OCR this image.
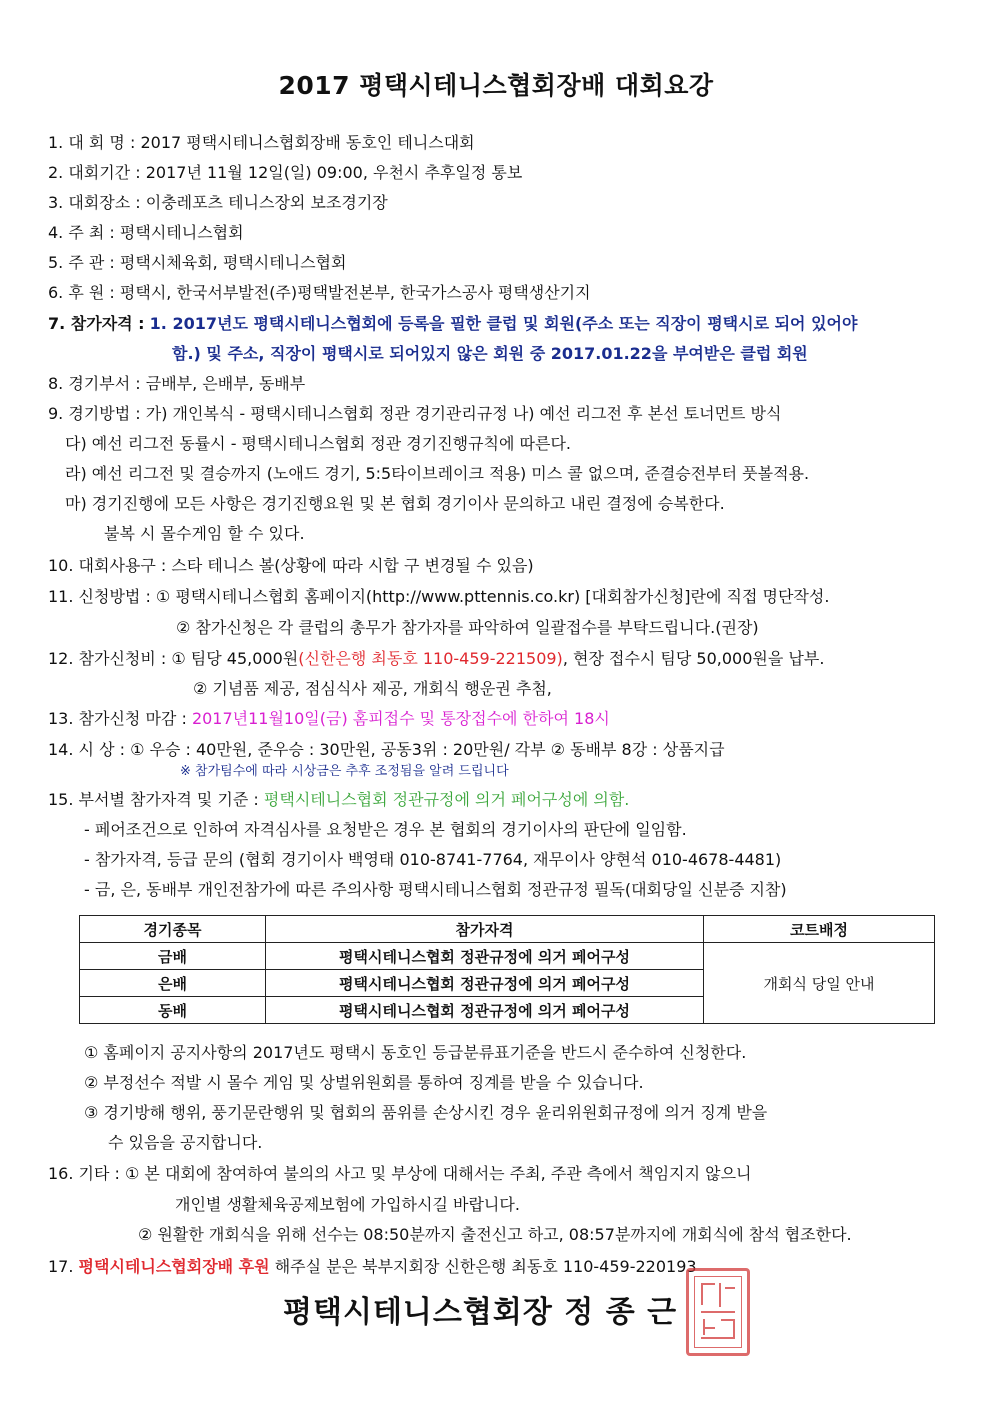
2017 평택시테니스협회장배 대회요강
1. 대 회 명 : 2017 평택시테니스협회장배 동호인 테니스대회
2. 대회기간 : 2017년 11월 12일(일) 09:00, 우천시 추후일정 통보
3. 대회장소 : 이충레포츠 테니스장외 보조경기장
4. 주 최 : 평택시테니스협회
5. 주 관 : 평택시체육회, 평택시테니스협회
6. 후 원 : 평택시, 한국서부발전(주)평택발전본부, 한국가스공사 평택생산기지
7. 참가자격 : 1. 2017년도 평택시테니스협회에 등록을 필한 클럽 및 회원(주소 또는 직장이 평택시로 되어 있어야
함.) 및 주소, 직장이 평택시로 되어있지 않은 회원 중 2017.01.22을 부여받은 클럽 회원
8. 경기부서 : 금배부, 은배부, 동배부
9. 경기방법 : 가) 개인복식 - 평택시테니스협회 정관 경기관리규정 나) 예선 리그전 후 본선 토너먼트 방식
다) 예선 리그전 동률시 - 평택시테니스협회 정관 경기진행규칙에 따른다.
라) 예선 리그전 및 결승까지 (노애드 경기, 5:5타이브레이크 적용) 미스 콜 없으며, 준결승전부터 풋볼적용.
마) 경기진행에 모든 사항은 경기진행요원 및 본 협회 경기이사 문의하고 내린 결정에 승복한다.
불복 시 몰수게임 할 수 있다.
10. 대회사용구 : 스타 테니스 볼(상황에 따라 시합 구 변경될 수 있음)
11. 신청방법 : ① 평택시테니스협회 홈페이지(http://www.pttennis.co.kr) [대회참가신청]란에 직접 명단작성.
② 참가신청은 각 클럽의 총무가 참가자를 파악하여 일괄접수를 부탁드립니다.(권장)
12. 참가신청비 : ① 팀당 45,000원(신한은행 최동호 110-459-221509), 현장 접수시 팀당 50,000원을 납부.
② 기념품 제공, 점심식사 제공, 개회식 행운권 추첨,
13. 참가신청 마감 : 2017년11월10일(금) 홈피접수 및 통장접수에 한하여 18시
14. 시 상 : ① 우승 : 40만원, 준우승 : 30만원, 공동3위 : 20만원/ 각부 ② 동배부 8강 : 상품지급
※ 참가팀수에 따라 시상금은 추후 조정됨을 알려 드립니다
15. 부서별 참가자격 및 기준 : 평택시테니스협회 정관규정에 의거 페어구성에 의함.
- 페어조건으로 인하여 자격심사를 요청받은 경우 본 협회의 경기이사의 판단에 일임함.
- 참가자격, 등급 문의 (협회 경기이사 백영태 010-8741-7764, 재무이사 양현석 010-4678-4481)
- 금, 은, 동배부 개인전참가에 따른 주의사항 평택시테니스협회 정관규정 필독(대회당일 신분증 지참)
경기종목	참가자격	코트배정
금배	평택시테니스협회 정관규정에 의거 페어구성	개회식 당일 안내
은배	평택시테니스협회 정관규정에 의거 페어구성	
동배	평택시테니스협회 정관규정에 의거 페어구성	
① 홈페이지 공지사항의 2017년도 평택시 동호인 등급분류표기준을 반드시 준수하여 신청한다.
② 부정선수 적발 시 몰수 게임 및 상벌위원회를 통하여 징계를 받을 수 있습니다.
③ 경기방해 행위, 풍기문란행위 및 협회의 품위를 손상시킨 경우 윤리위원회규정에 의거 징계 받을
수 있음을 공지합니다.
16. 기타 : ① 본 대회에 참여하여 불의의 사고 및 부상에 대해서는 주최, 주관 측에서 책임지지 않으니
개인별 생활체육공제보험에 가입하시길 바랍니다.
② 원활한 개회식을 위해 선수는 08:50분까지 출전신고 하고, 08:57분까지에 개회식에 참석 협조한다.
17. 평택시테니스협회장배 후원 해주실 분은 북부지회장 신한은행 최동호 110-459-220193
평택시테니스협회장 정 종 근
